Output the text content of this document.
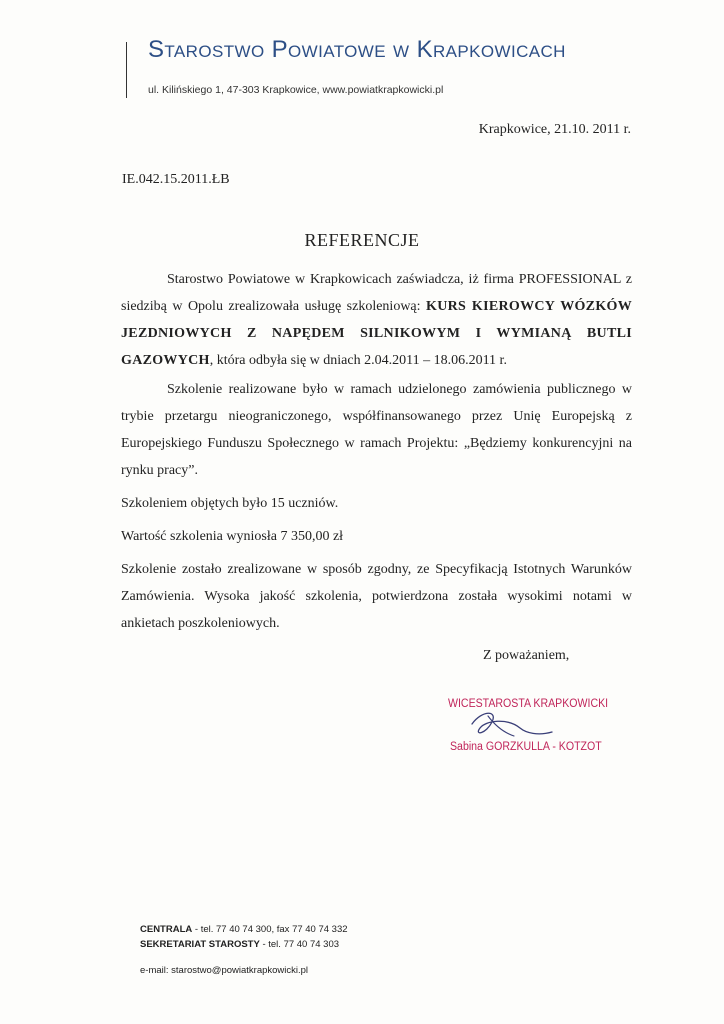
Starostwo Powiatowe w Krapkowicach
ul. Kilińskiego 1, 47-303 Krapkowice, www.powiatkrapkowicki.pl
Krapkowice, 21.10. 2011 r.
IE.042.15.2011.ŁB
REFERENCJE

Starostwo Powiatowe w Krapkowicach zaświadcza, iż firma PROFESSIONAL z siedzibą w Opolu zrealizowała usługę szkoleniową: KURS KIEROWCY WÓZKÓW JEZDNIOWYCH Z NAPĘDEM SILNIKOWYM I WYMIANĄ BUTLI GAZOWYCH, która odbyła się w dniach 2.04.2011 – 18.06.2011 r.

Szkolenie realizowane było w ramach udzielonego zamówienia publicznego w trybie przetargu nieograniczonego, współfinansowanego przez Unię Europejską z Europejskiego Funduszu Społecznego w ramach Projektu: „Będziemy konkurencyjni na rynku pracy”.

Szkoleniem objętych było 15 uczniów.

Wartość szkolenia wyniosła 7 350,00 zł

Szkolenie zostało zrealizowane w sposób zgodny, ze Specyfikacją Istotnych Warunków Zamówienia. Wysoka jakość szkolenia, potwierdzona została wysokimi notami w ankietach poszkoleniowych.

Z poważaniem,
WICESTAROSTA KRAPKOWICKI
Sabina GORZKULLA - KOTZOT
CENTRALA - tel. 77 40 74 300, fax 77 40 74 332
SEKRETARIAT STAROSTY - tel. 77 40 74 303
e-mail: starostwo@powiatkrapkowicki.pl
